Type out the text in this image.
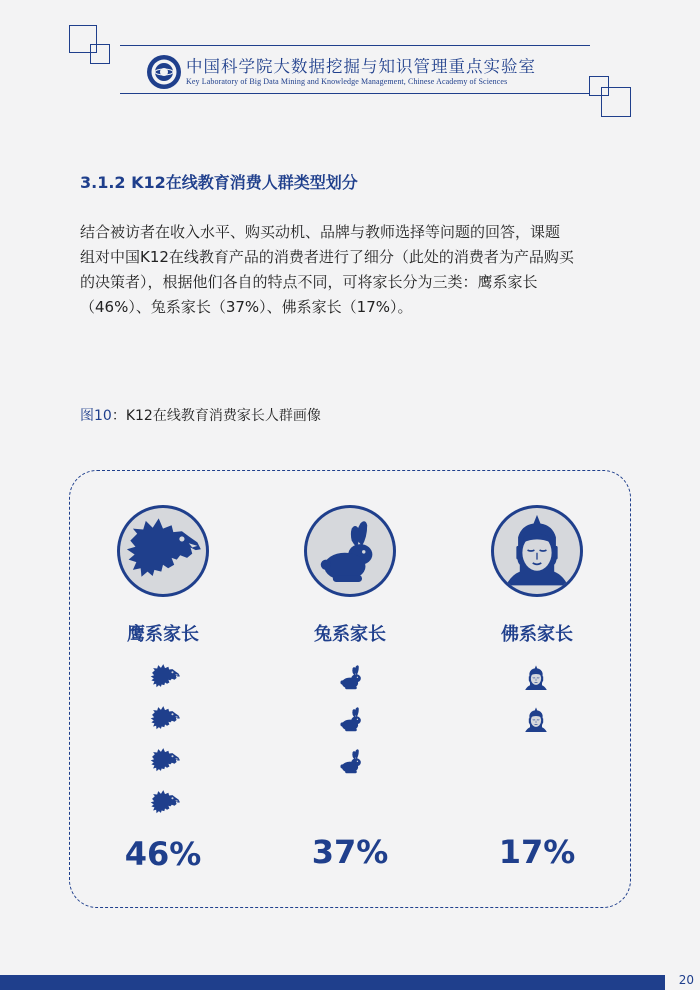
中国科学院大数据挖掘与知识管理重点实验室
Key Laboratory of Big Data Mining and Knowledge Management, Chinese Academy of Sciences
3.1.2 K12在线教育消费人群类型划分
结合被访者在收入水平、购买动机、品牌与教师选择等问题的回答，课题
组对中国K12在线教育产品的消费者进行了细分（此处的消费者为产品购买
的决策者），根据他们各自的特点不同，可将家长分为三类：鹰系家长
（46%）、兔系家长（37%）、佛系家长（17%）。
图10：K12在线教育消费家长人群画像
鹰系家长
46%
兔系家长
37%
佛系家长
17%
20
